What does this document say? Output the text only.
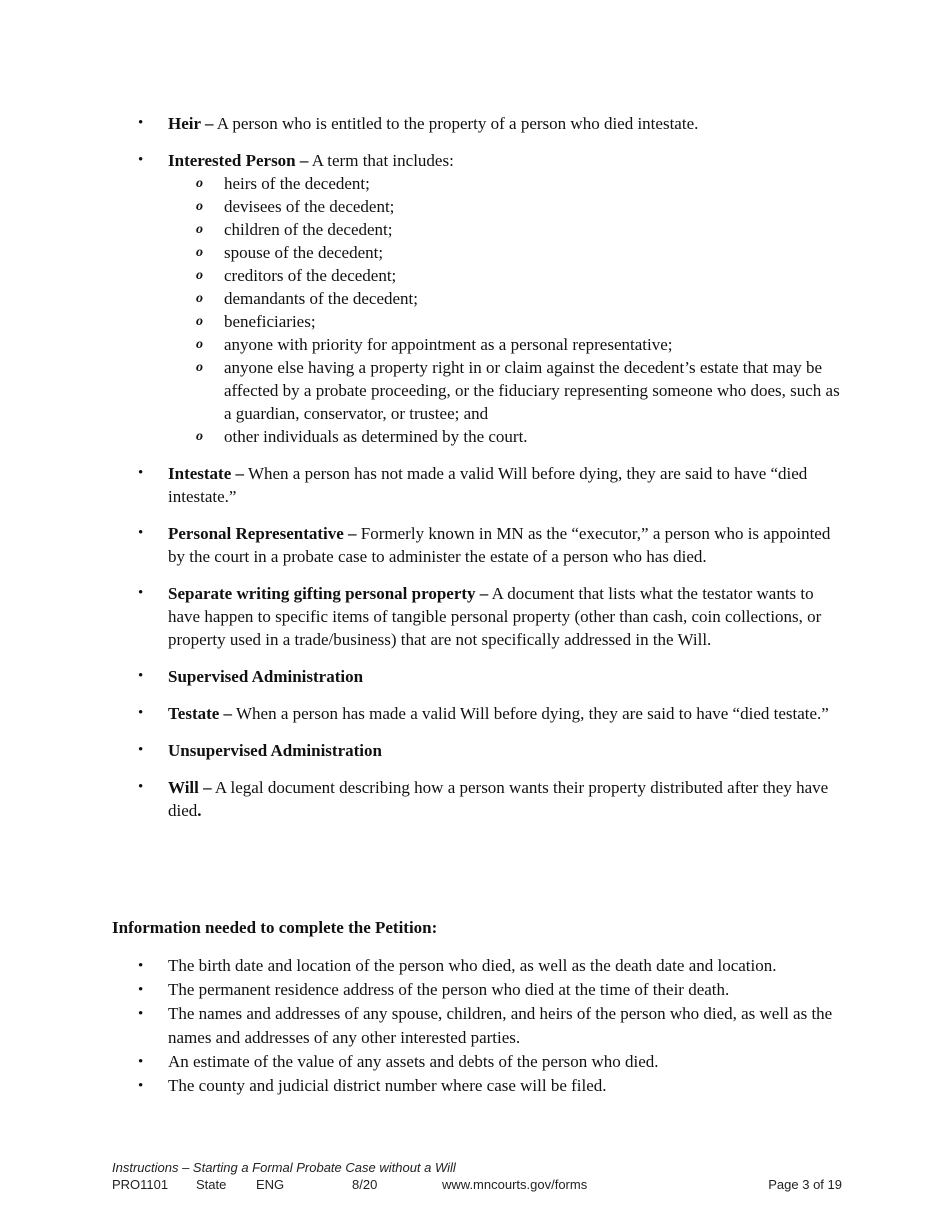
•	Heir – A person who is entitled to the property of a person who died intestate.
•	Interested Person – A term that includes:
o heirs of the decedent;
o devisees of the decedent;
o children of the decedent;
o spouse of the decedent;
o creditors of the decedent;
o demandants of the decedent;
o beneficiaries;
o anyone with priority for appointment as a personal representative;
o anyone else having a property right in or claim against the decedent’s estate that may be affected by a probate proceeding, or the fiduciary representing someone who does, such as a guardian, conservator, or trustee; and
o other individuals as determined by the court.
•	Intestate – When a person has not made a valid Will before dying, they are said to have “died intestate.”
•	Personal Representative – Formerly known in MN as the “executor,” a person who is appointed by the court in a probate case to administer the estate of a person who has died.
•	Separate writing gifting personal property – A document that lists what the testator wants to have happen to specific items of tangible personal property (other than cash, coin collections, or property used in a trade/business) that are not specifically addressed in the Will.
•	Supervised Administration
•	Testate – When a person has made a valid Will before dying, they are said to have “died testate.”
•	Unsupervised Administration
•	Will – A legal document describing how a person wants their property distributed after they have died.
Information needed to complete the Petition:
•	The birth date and location of the person who died, as well as the death date and location.
•	The permanent residence address of the person who died at the time of their death.
•	The names and addresses of any spouse, children, and heirs of the person who died, as well as the names and addresses of any other interested parties.
•	An estimate of the value of any assets and debts of the person who died.
•	The county and judicial district number where case will be filed.
Instructions – Starting a Formal Probate Case without a Will
PRO1101 State ENG	8/20	www.mncourts.gov/forms	Page 3 of 19
